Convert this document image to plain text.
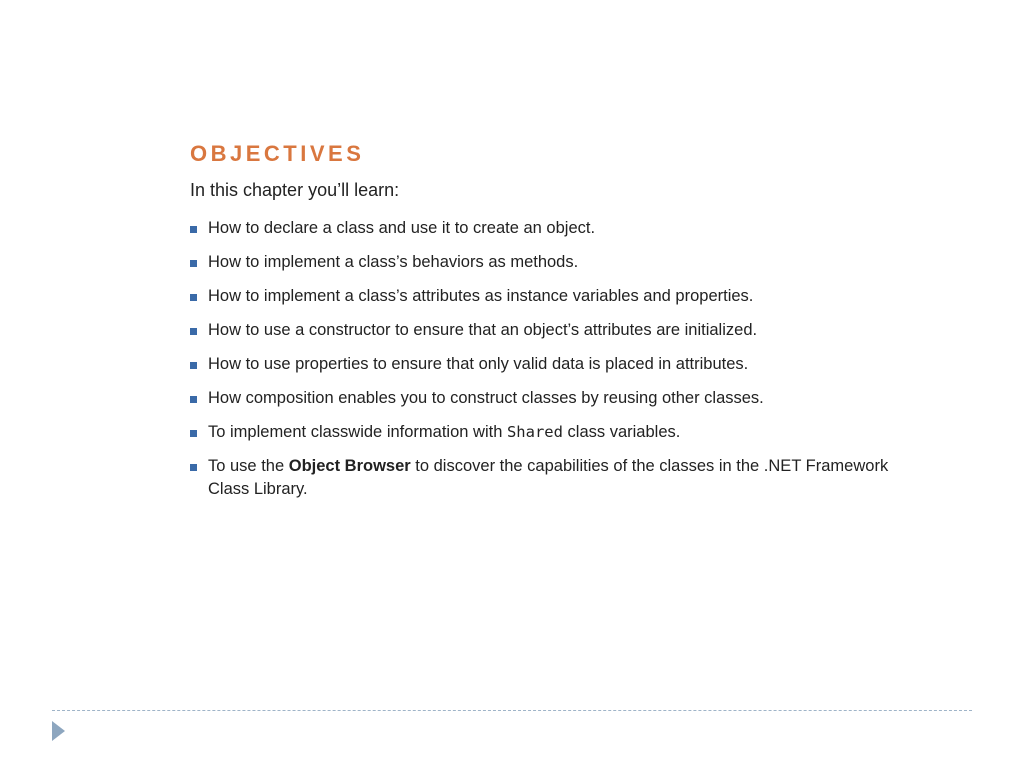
OBJECTIVES
In this chapter you’ll learn:
How to declare a class and use it to create an object.
How to implement a class’s behaviors as methods.
How to implement a class’s attributes as instance variables and properties.
How to use a constructor to ensure that an object’s attributes are initialized.
How to use properties to ensure that only valid data is placed in attributes.
How composition enables you to construct classes by reusing other classes.
To implement classwide information with Shared class variables.
To use the Object Browser to discover the capabilities of the classes in the .NET Framework Class Library.
